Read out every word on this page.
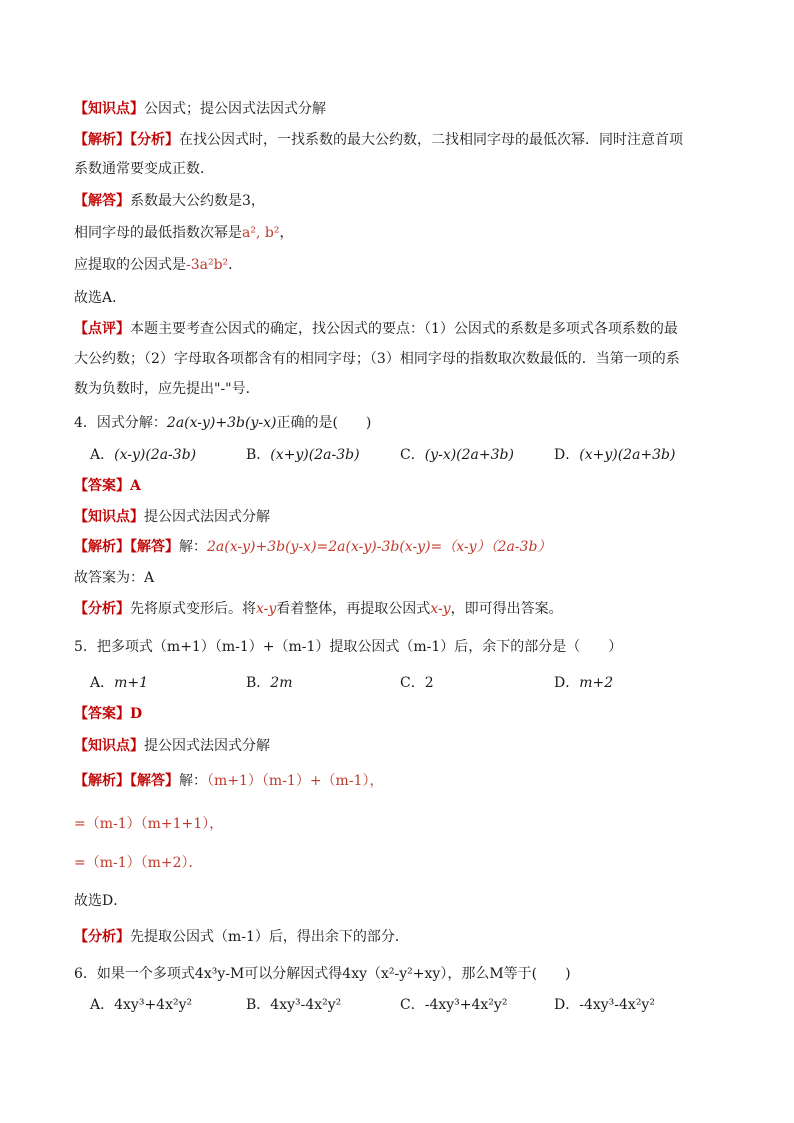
【知识点】公因式；提公因式法因式分解
【解析】【分析】在找公因式时，一找系数的最大公约数，二找相同字母的最低次幂．同时注意首项
系数通常要变成正数．
【解答】系数最大公约数是3，
相同字母的最低指数次幂是a², b²，
应提取的公因式是-3a²b²．
故选A．
【点评】本题主要考查公因式的确定，找公因式的要点：（1）公因式的系数是多项式各项系数的最
大公约数；（2）字母取各项都含有的相同字母；（3）相同字母的指数取次数最低的．当第一项的系
数为负数时，应先提出"-"号．
4．因式分解：2a(x-y)+3b(y-x)正确的是(　　)
A．(x-y)(2a-3b)	B．(x+y)(2a-3b)	C．(y-x)(2a+3b)	D．(x+y)(2a+3b)
【答案】A
【知识点】提公因式法因式分解
【解析】【解答】解：2a(x-y)+3b(y-x)=2a(x-y)-3b(x-y)=（x-y）（2a-3b）
故答案为：A
【分析】先将原式变形后。将x-y看着整体，再提取公因式x-y，即可得出答案。
5．把多项式（m+1）（m-1）+（m-1）提取公因式（m-1）后，余下的部分是（　　）
A．m+1	B．2m	C．2	D．m+2
【答案】D
【知识点】提公因式法因式分解
【解析】【解答】解：（m+1）（m-1）+（m-1），
=（m-1）（m+1+1），
=（m-1）（m+2）．
故选D．
【分析】先提取公因式（m-1）后，得出余下的部分．
6．如果一个多项式4x³y-M可以分解因式得4xy（x²-y²+xy），那么M等于(　　)
A．4xy³+4x²y²	B．4xy³-4x²y²	C．-4xy³+4x²y²	D．-4xy³-4x²y²
